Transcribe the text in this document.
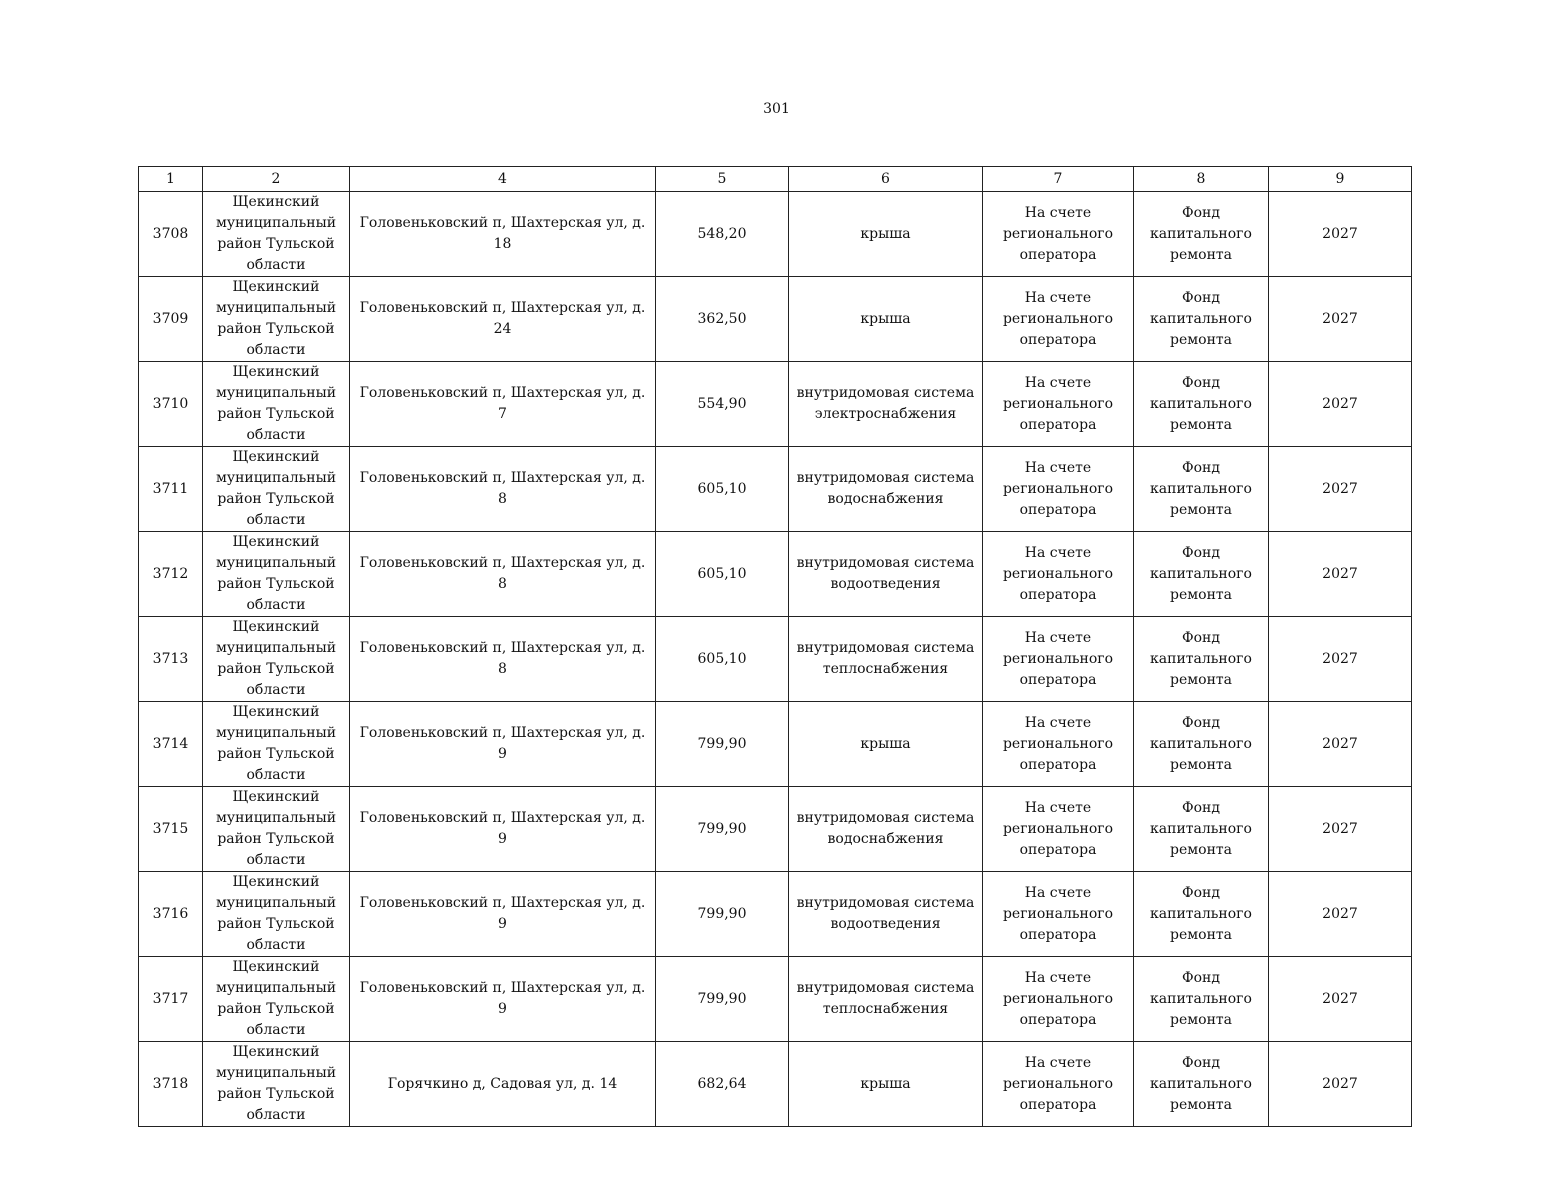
301
1	2	4	5	6	7	8	9
3708	Щекинский муниципальный район Тульской области	Головеньковский п, Шахтерская ул, д. 18	548,20	крыша	На счете регионального оператора	Фонд капитального ремонта	2027
3709	Щекинский муниципальный район Тульской области	Головеньковский п, Шахтерская ул, д. 24	362,50	крыша	На счете регионального оператора	Фонд капитального ремонта	2027
3710	Щекинский муниципальный район Тульской области	Головеньковский п, Шахтерская ул, д. 7	554,90	внутридомовая система электроснабжения	На счете регионального оператора	Фонд капитального ремонта	2027
3711	Щекинский муниципальный район Тульской области	Головеньковский п, Шахтерская ул, д. 8	605,10	внутридомовая система водоснабжения	На счете регионального оператора	Фонд капитального ремонта	2027
3712	Щекинский муниципальный район Тульской области	Головеньковский п, Шахтерская ул, д. 8	605,10	внутридомовая система водоотведения	На счете регионального оператора	Фонд капитального ремонта	2027
3713	Щекинский муниципальный район Тульской области	Головеньковский п, Шахтерская ул, д. 8	605,10	внутридомовая система теплоснабжения	На счете регионального оператора	Фонд капитального ремонта	2027
3714	Щекинский муниципальный район Тульской области	Головеньковский п, Шахтерская ул, д. 9	799,90	крыша	На счете регионального оператора	Фонд капитального ремонта	2027
3715	Щекинский муниципальный район Тульской области	Головеньковский п, Шахтерская ул, д. 9	799,90	внутридомовая система водоснабжения	На счете регионального оператора	Фонд капитального ремонта	2027
3716	Щекинский муниципальный район Тульской области	Головеньковский п, Шахтерская ул, д. 9	799,90	внутридомовая система водоотведения	На счете регионального оператора	Фонд капитального ремонта	2027
3717	Щекинский муниципальный район Тульской области	Головеньковский п, Шахтерская ул, д. 9	799,90	внутридомовая система теплоснабжения	На счете регионального оператора	Фонд капитального ремонта	2027
3718	Щекинский муниципальный район Тульской области	Горячкино д, Садовая ул, д. 14	682,64	крыша	На счете регионального оператора	Фонд капитального ремонта	2027
